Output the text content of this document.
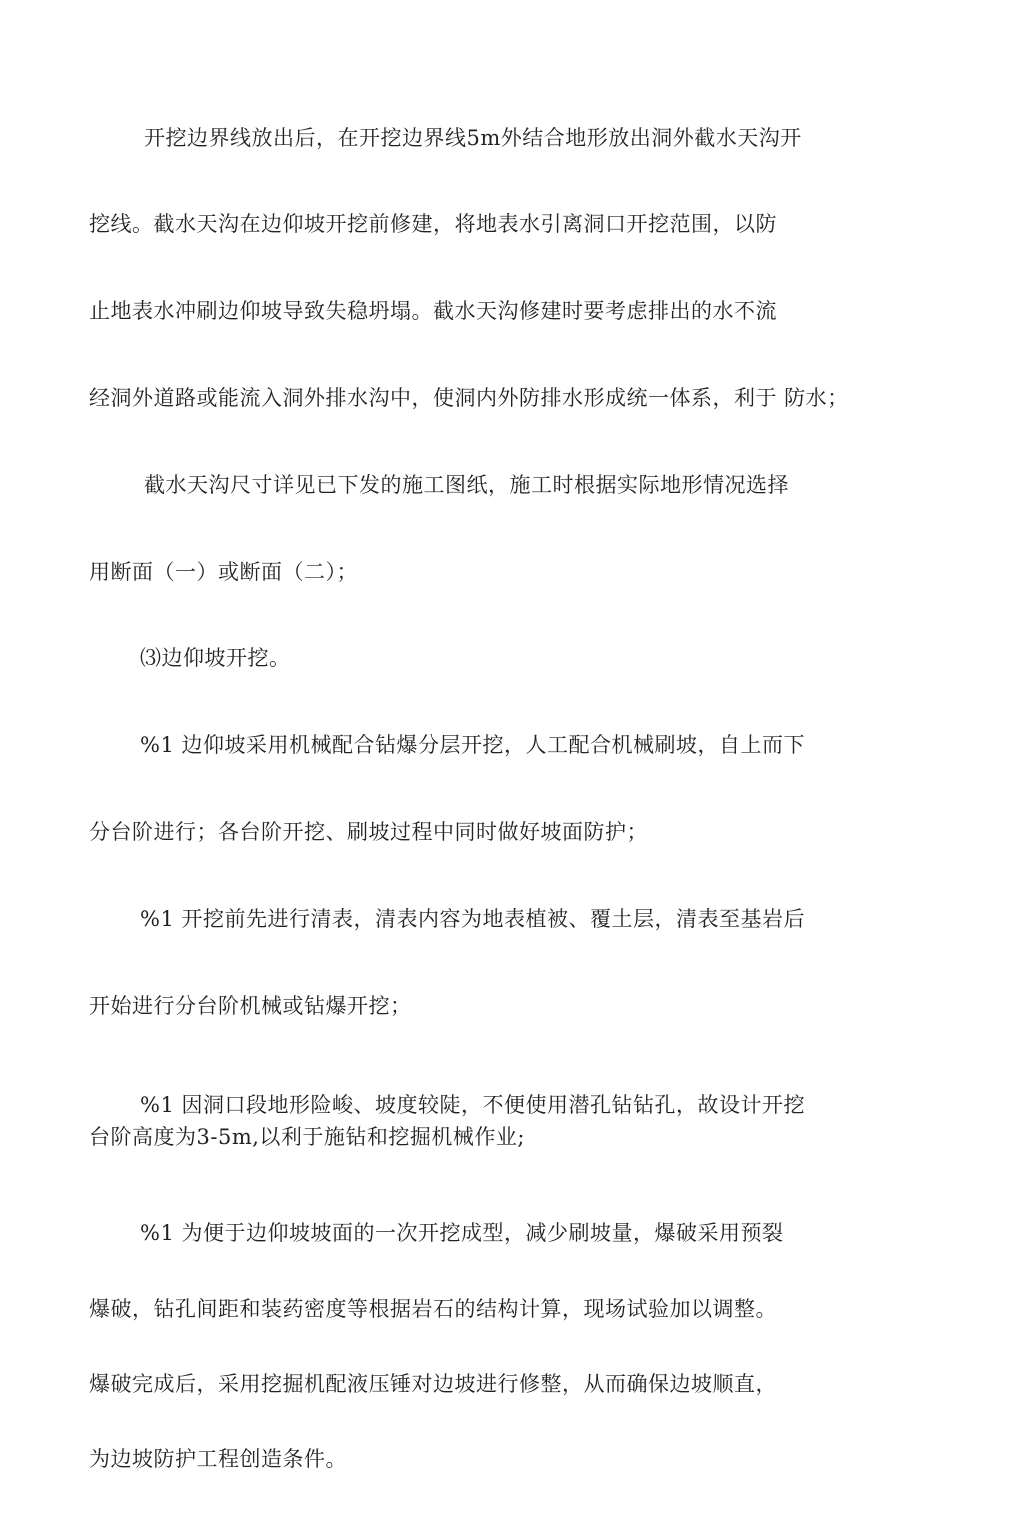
开挖边界线放出后，在开挖边界线5m外结合地形放出洞外截水天沟开
挖线。截水天沟在边仰坡开挖前修建，将地表水引离洞口开挖范围，以防
止地表水冲刷边仰坡导致失稳坍塌。截水天沟修建时要考虑排出的水不流
经洞外道路或能流入洞外排水沟中，使洞内外防排水形成统一体系，利于 防水；
截水天沟尺寸详见已下发的施工图纸，施工时根据实际地形情况选择
用断面（一）或断面（二）；
⑶边仰坡开挖。
%1 边仰坡采用机械配合钻爆分层开挖，人工配合机械刷坡，自上而下
分台阶进行；各台阶开挖、刷坡过程中同时做好坡面防护；
%1 开挖前先进行清表，清表内容为地表植被、覆土层，清表至基岩后
开始进行分台阶机械或钻爆开挖；
%1 因洞口段地形险峻、坡度较陡，不便使用潜孔钻钻孔，故设计开挖
台阶高度为3-5m,以利于施钻和挖掘机械作业;
%1 为便于边仰坡坡面的一次开挖成型，减少刷坡量，爆破采用预裂
爆破，钻孔间距和装药密度等根据岩石的结构计算，现场试验加以调整。
爆破完成后，采用挖掘机配液压锤对边坡进行修整，从而确保边坡顺直，
为边坡防护工程创造条件。
